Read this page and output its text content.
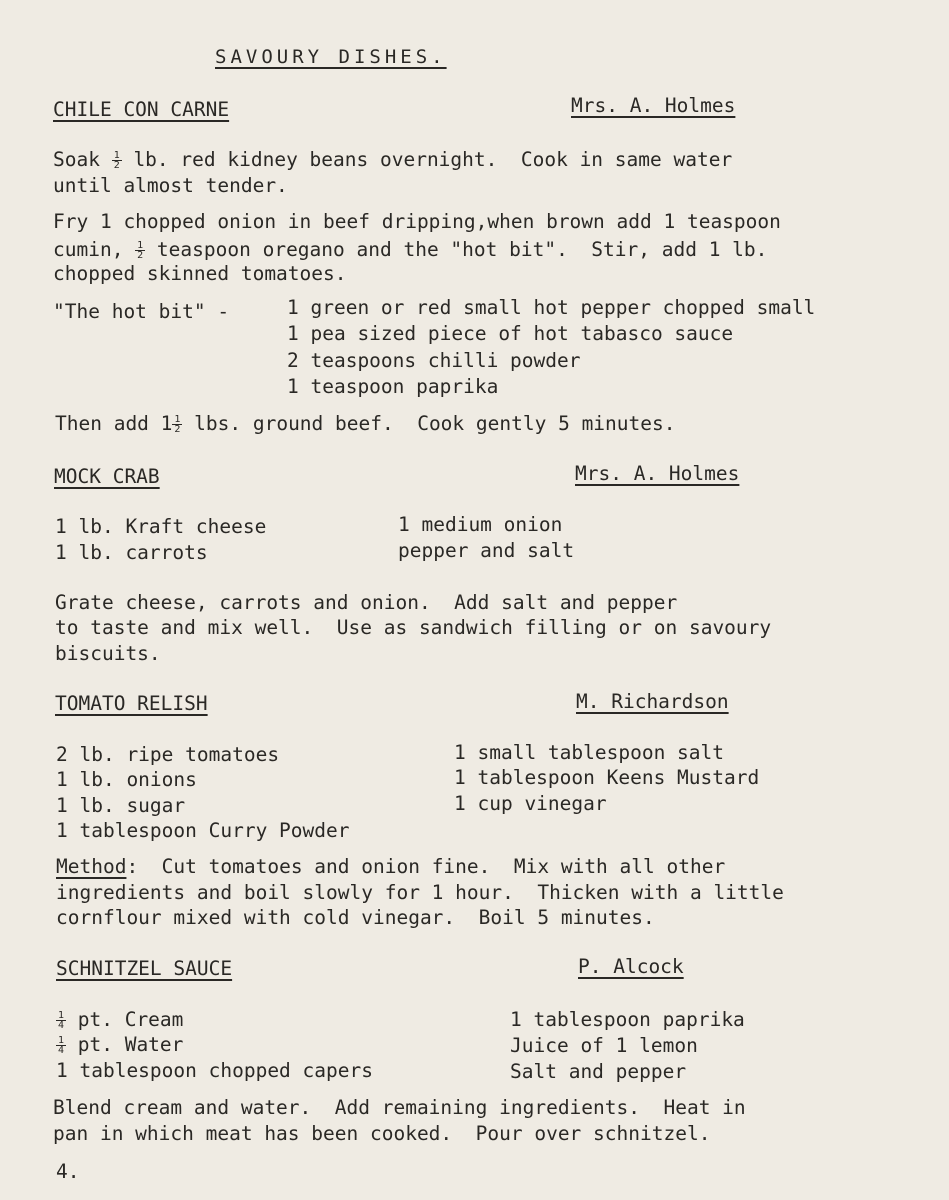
SAVOURY DISHES.
CHILE CON CARNE	Mrs. A. Holmes
Soak $\frac{1}{2}$ lb. red kidney beans overnight.  Cook in same water
until almost tender.
Fry 1 chopped onion in beef dripping,when brown add 1 teaspoon
cumin, $\frac{1}{2}$ teaspoon oregano and the "hot bit".  Stir, add 1 lb.
chopped skinned tomatoes.
"The hot bit" -	1 green or red small hot pepper chopped small
1 pea sized piece of hot tabasco sauce
2 teaspoons chilli powder
1 teaspoon paprika
Then add $1 \frac{1}{2}$ lbs. ground beef.  Cook gently 5 minutes.
MOCK CRAB	Mrs. A. Holmes
1 lb. Kraft cheese
1 lb. carrots
1 medium onion
pepper and salt
Grate cheese, carrots and onion.  Add salt and pepper
to taste and mix well.  Use as sandwich filling or on savoury
biscuits.
TOMATO RELISH	M. Richardson
2 lb. ripe tomatoes
1 lb. onions
1 lb. sugar
1 tablespoon Curry Powder
1 small tablespoon salt
1 tablespoon Keens Mustard
1 cup vinegar
Method:  Cut tomatoes and onion fine.  Mix with all other
ingredients and boil slowly for 1 hour.  Thicken with a little
cornflour mixed with cold vinegar.  Boil 5 minutes.
SCHNITZEL SAUCE	P. Alcock
$\frac{1}{4}$ pt. Cream
$\frac{1}{4}$ pt. Water
1 tablespoon chopped capers
1 tablespoon paprika
Juice of 1 lemon
Salt and pepper
Blend cream and water.  Add remaining ingredients.  Heat in
pan in which meat has been cooked.  Pour over schnitzel.
4.
